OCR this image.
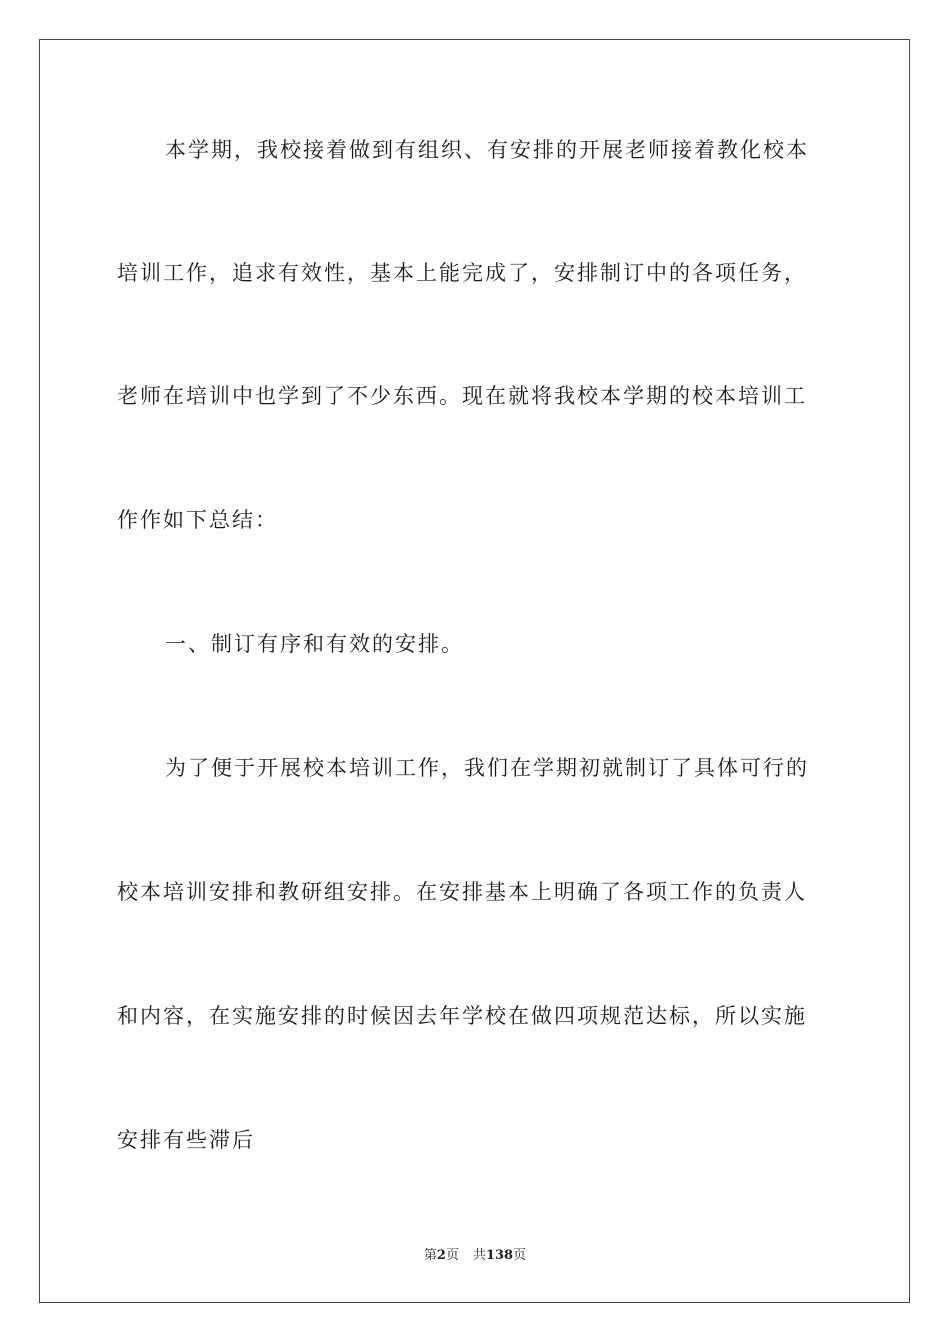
本学期，我校接着做到有组织、有安排的开展老师接着教化校本
培训工作，追求有效性，基本上能完成了，安排制订中的各项任务，
老师在培训中也学到了不少东西。现在就将我校本学期的校本培训工
作作如下总结：
一、制订有序和有效的安排。
为了便于开展校本培训工作，我们在学期初就制订了具体可行的
校本培训安排和教研组安排。在安排基本上明确了各项工作的负责人
和内容，在实施安排的时候因去年学校在做四项规范达标，所以实施
安排有些滞后
第2页 共138页
